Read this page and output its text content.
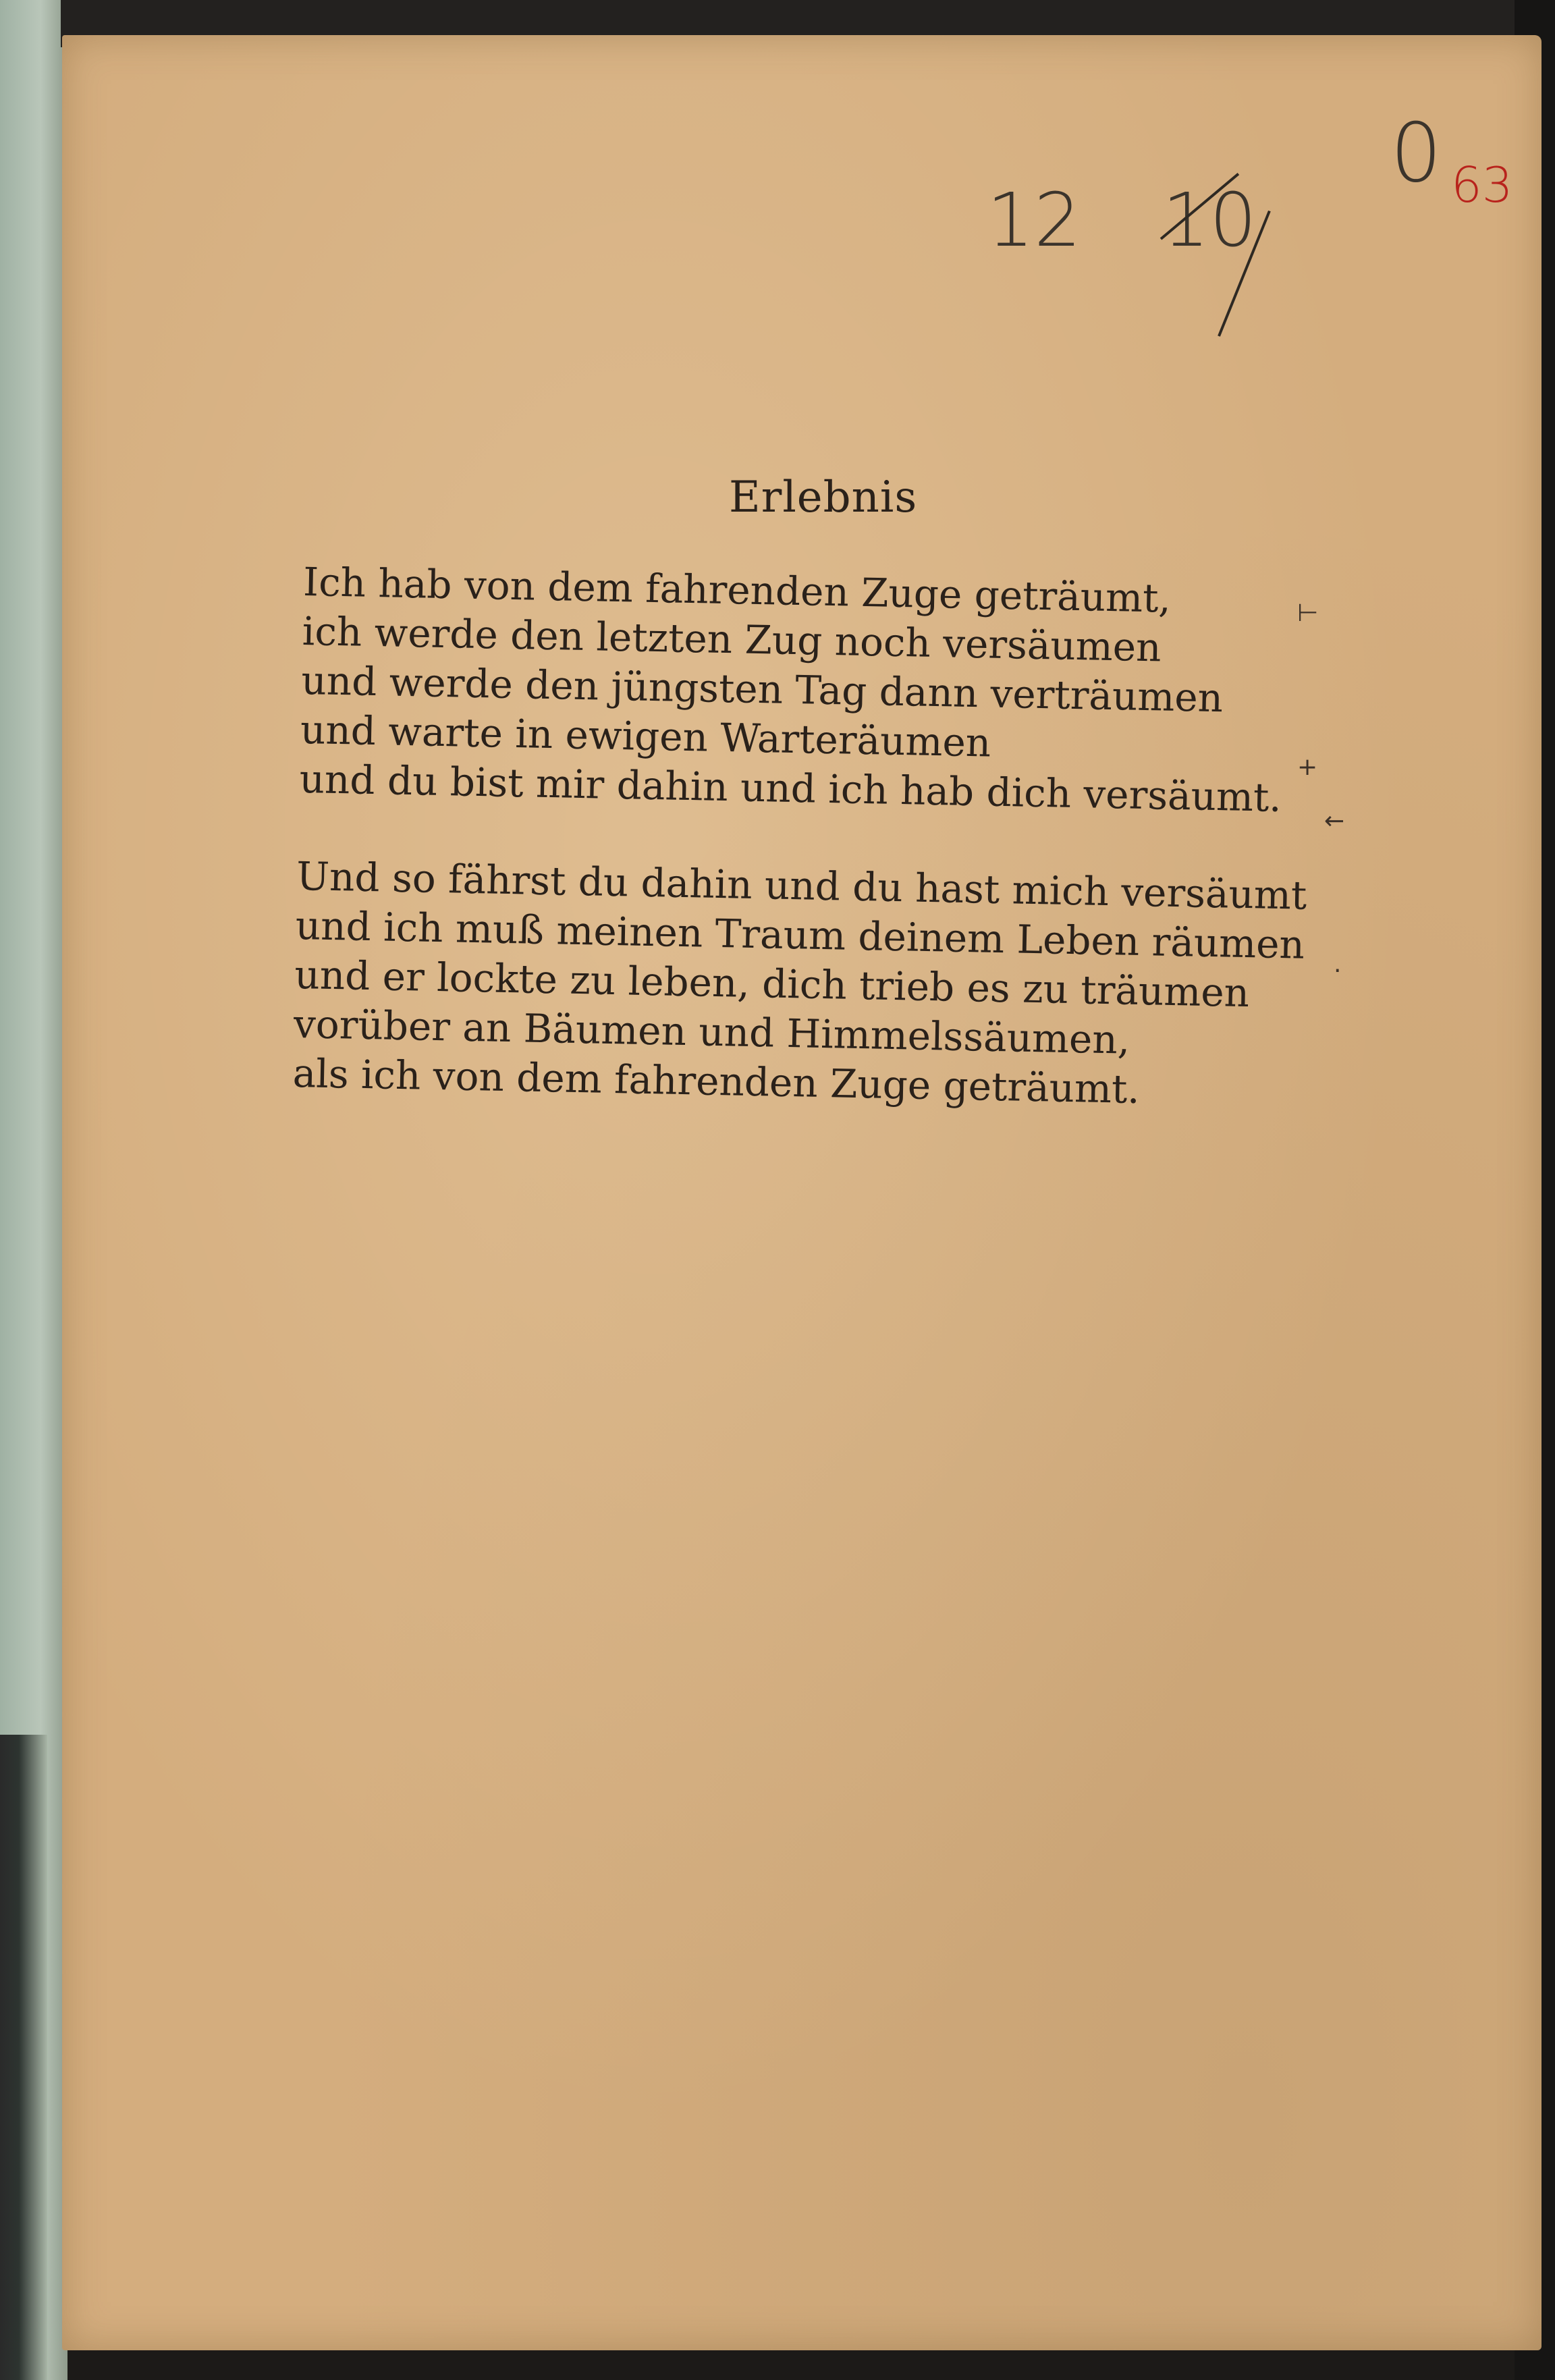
12 10
0 63
Erlebnis
Ich hab von dem fahrenden Zuge geträumt,
ich werde den letzten Zug noch versäumen
und werde den jüngsten Tag dann verträumen
und warte in ewigen Warteräumen
und du bist mir dahin und ich hab dich versäumt.
Und so fährst du dahin und du hast mich versäumt
und ich muß meinen Traum deinem Leben räumen
und er lockte zu leben, dich trieb es zu träumen
vorüber an Bäumen und Himmelssäumen,
als ich von dem fahrenden Zuge geträumt.
⊢
+
←
·
